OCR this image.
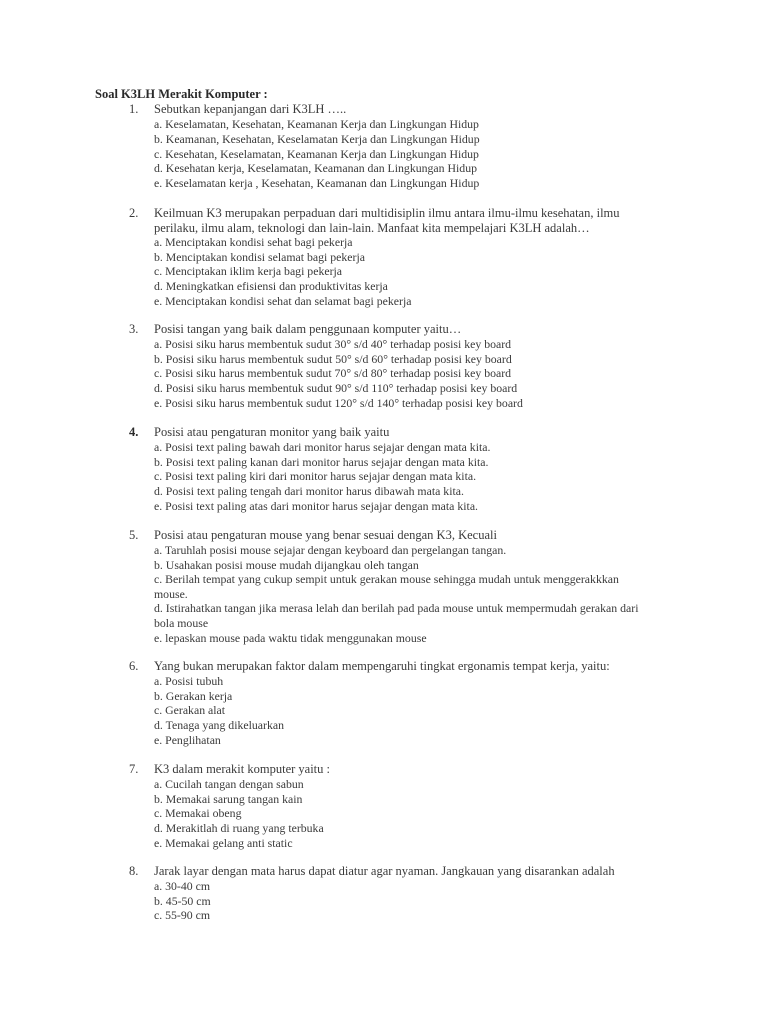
Soal K3LH Merakit Komputer :
1. Sebutkan kepanjangan dari K3LH …..
a. Keselamatan, Kesehatan, Keamanan Kerja dan Lingkungan Hidup
b. Keamanan, Kesehatan, Keselamatan Kerja dan Lingkungan Hidup
c. Kesehatan, Keselamatan, Keamanan Kerja dan Lingkungan Hidup
d. Kesehatan kerja, Keselamatan, Keamanan dan Lingkungan Hidup
e. Keselamatan kerja , Kesehatan, Keamanan dan Lingkungan Hidup
2. Keilmuan K3 merupakan perpaduan dari multidisiplin ilmu antara ilmu-ilmu kesehatan, ilmu perilaku, ilmu alam, teknologi dan lain-lain. Manfaat kita mempelajari K3LH adalah…
a. Menciptakan kondisi sehat bagi pekerja
b. Menciptakan kondisi selamat bagi pekerja
c. Menciptakan iklim kerja bagi pekerja
d. Meningkatkan efisiensi dan produktivitas kerja
e. Menciptakan kondisi sehat dan selamat bagi pekerja
3. Posisi tangan yang baik dalam penggunaan komputer yaitu…
a. Posisi siku harus membentuk sudut 30° s/d 40° terhadap posisi key board
b. Posisi siku harus membentuk sudut 50° s/d 60° terhadap posisi key board
c. Posisi siku harus membentuk sudut 70° s/d 80° terhadap posisi key board
d. Posisi siku harus membentuk sudut 90° s/d 110° terhadap posisi key board
e. Posisi siku harus membentuk sudut 120° s/d 140° terhadap posisi key board
4. Posisi atau pengaturan monitor yang baik yaitu
a. Posisi text paling bawah dari monitor harus sejajar dengan mata kita.
b. Posisi text paling kanan dari monitor harus sejajar dengan mata kita.
c. Posisi text paling kiri dari monitor harus sejajar dengan mata kita.
d. Posisi text paling tengah dari monitor harus dibawah mata kita.
e. Posisi text paling atas dari monitor harus sejajar dengan mata kita.
5. Posisi atau pengaturan mouse yang benar sesuai dengan K3, Kecuali
a. Taruhlah posisi mouse sejajar dengan keyboard dan pergelangan tangan.
b. Usahakan posisi mouse mudah dijangkau oleh tangan
c. Berilah tempat yang cukup sempit untuk gerakan mouse sehingga mudah untuk menggerakkkan mouse.
d. Istirahatkan tangan jika merasa lelah dan berilah pad pada mouse untuk mempermudah gerakan dari bola mouse
e. lepaskan mouse pada waktu tidak menggunakan mouse
6. Yang bukan merupakan faktor dalam mempengaruhi tingkat ergonamis tempat kerja, yaitu:
a. Posisi tubuh
b. Gerakan kerja
c. Gerakan alat
d. Tenaga yang dikeluarkan
e. Penglihatan
7. K3 dalam merakit komputer yaitu :
a. Cucilah tangan dengan sabun
b. Memakai sarung tangan kain
c. Memakai obeng
d. Merakitlah di ruang yang terbuka
e. Memakai gelang anti static
8. Jarak layar dengan mata harus dapat diatur agar nyaman. Jangkauan yang disarankan adalah
a. 30-40 cm
b. 45-50 cm
c. 55-90 cm
